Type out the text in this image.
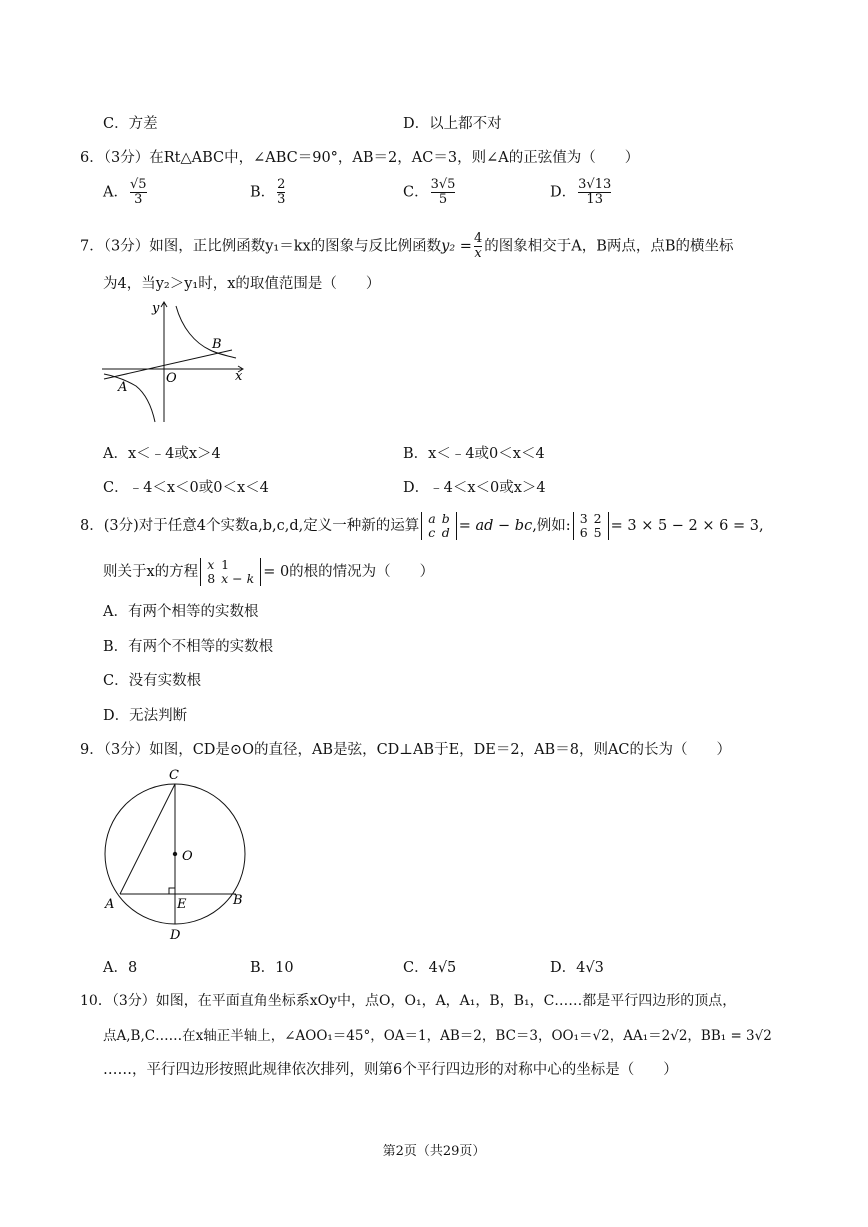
C．方差	D．以上都不对
6．（3分）在Rt△ABC中，∠ABC＝90°，AB＝2，AC＝3，则∠A的正弦值为（　　）
A． $\frac{√5}{3}$	B． $\frac{2}{3}$	C． $\frac{3√5}{5}$	D． $\frac{3√13}{13}$
7．（3分）如图，正比例函数y₁＝kx的图象与反比例函数$y_2 = \frac{4}{x}$ 的图象相交于A，B两点，点B的横坐标
为4，当y₂＞y₁时，x的取值范围是（　　）
y
x
O
A
B
A．x＜﹣4或x＞4	B．x＜﹣4或0＜x＜4
C．﹣4＜x＜0或0＜x＜4	D．﹣4＜x＜0或x＞4
8．(3分)对于任意4个实数a,b,c,d,定义一种新的运算 a
c
b
d = ad − bc,例如: 3
6
2
5 = 3 × 5 − 2 × 6 = 3,
则关于x的方程 x
8
1
x − k = 0的根的情况为（　　）
A．有两个相等的实数根
B．有两个不相等的实数根
C．没有实数根
D．无法判断
9．（3分）如图，CD是⊙O的直径，AB是弦，CD⊥AB于E，DE＝2，AB＝8，则AC的长为（　　）
C
O
A	E	B
D
A．8	B．10	C．4√5	D．4√3
10．（3分）如图，在平面直角坐标系xOy中，点O，O₁，A，A₁，B，B₁，C……都是平行四边形的顶点，
点A,B,C……在x轴正半轴上，∠AOO₁＝45°，OA＝1，AB＝2，BC＝3，OO₁＝√2，AA₁＝2√2，BB₁ = 3√2
……，平行四边形按照此规律依次排列，则第6个平行四边形的对称中心的坐标是（　　）
第2页（共29页）
